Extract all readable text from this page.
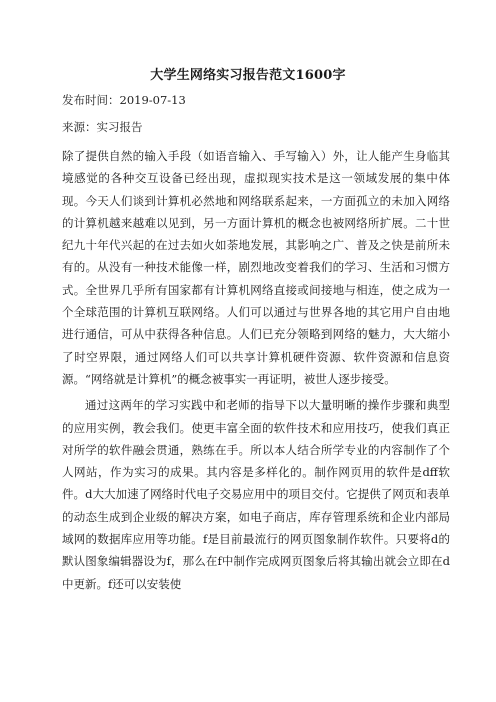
大学生网络实习报告范文1600字
发布时间：2019-07-13
来源：实习报告

除了提供自然的输入手段（如语音输入、手写输入）外，让人能产生身临其境感觉的各种交互设备已经出现，虚拟现实技术是这一领域发展的集中体现。今天人们谈到计算机必然地和网络联系起来，一方面孤立的未加入网络的计算机越来越难以见到，另一方面计算机的概念也被网络所扩展。二十世纪九十年代兴起的在过去如火如荼地发展，其影响之广、普及之快是前所未有的。从没有一种技术能像一样，剧烈地改变着我们的学习、生活和习惯方式。全世界几乎所有国家都有计算机网络直接或间接地与相连，使之成为一个全球范围的计算机互联网络。人们可以通过与世界各地的其它用户自由地进行通信，可从中获得各种信息。人们已充分领略到网络的魅力，大大缩小了时空界限，通过网络人们可以共享计算机硬件资源、软件资源和信息资源。“网络就是计算机”的概念被事实一再证明，被世人逐步接受。

通过这两年的学习实践中和老师的指导下以大量明晰的操作步骤和典型的应用实例，教会我们。使更丰富全面的软件技术和应用技巧，使我们真正对所学的软件融会贯通，熟练在手。所以本人结合所学专业的内容制作了个人网站，作为实习的成果。其内容是多样化的。制作网页用的软件是dff软件。d大大加速了网络时代电子交易应用中的项目交付。它提供了网页和表单的动态生成到企业级的解决方案，如电子商店，库存管理系统和企业内部局域网的数据库应用等功能。f是目前最流行的网页图象制作软件。只要将d的默认图象编辑器设为f，那么在f中制作完成网页图象后将其输出就会立即在d中更新。f还可以安装使
